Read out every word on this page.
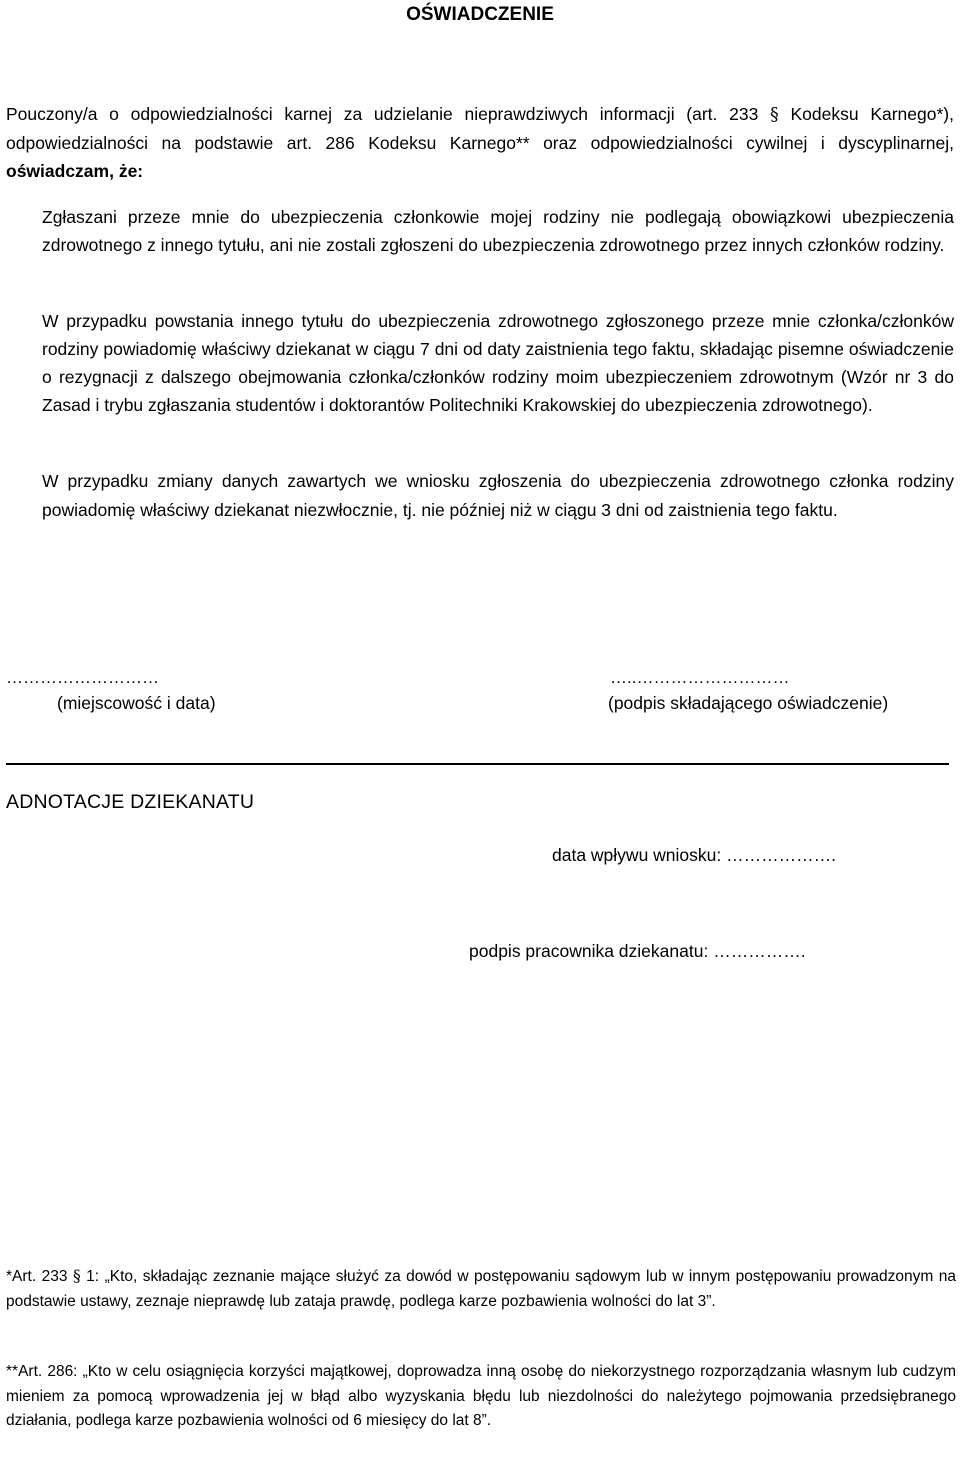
OŚWIADCZENIE
Pouczony/a o odpowiedzialności karnej za udzielanie nieprawdziwych informacji (art. 233 § Kodeksu Karnego*), odpowiedzialności na podstawie art. 286 Kodeksu Karnego** oraz odpowiedzialności cywilnej i dyscyplinarnej, oświadczam, że:
Zgłaszani przeze mnie do ubezpieczenia członkowie mojej rodziny nie podlegają obowiązkowi ubezpieczenia zdrowotnego z innego tytułu, ani nie zostali zgłoszeni do ubezpieczenia zdrowotnego przez innych członków rodziny.
W przypadku powstania innego tytułu do ubezpieczenia zdrowotnego zgłoszonego przeze mnie członka/członków rodziny powiadomię właściwy dziekanat w ciągu 7 dni od daty zaistnienia tego faktu, składając pisemne oświadczenie o rezygnacji z dalszego obejmowania członka/członków rodziny moim ubezpieczeniem zdrowotnym (Wzór nr 3 do Zasad i trybu zgłaszania studentów i doktorantów Politechniki Krakowskiej do ubezpieczenia zdrowotnego).
W przypadku zmiany danych zawartych we wniosku zgłoszenia do ubezpieczenia zdrowotnego członka rodziny powiadomię właściwy dziekanat niezwłocznie, tj. nie później niż w ciągu 3 dni od zaistnienia tego faktu.
………………………
(miejscowość i data)
…..………………………
(podpis składającego oświadczenie)
ADNOTACJE DZIEKANATU
data wpływu wniosku: ……………….
podpis pracownika dziekanatu: …………….
*Art. 233 § 1: „Kto, składając zeznanie mające służyć za dowód w postępowaniu sądowym lub w innym postępowaniu prowadzonym na podstawie ustawy, zeznaje nieprawdę lub zataja prawdę, podlega karze pozbawienia wolności do lat 3”.
**Art. 286: „Kto w celu osiągnięcia korzyści majątkowej, doprowadza inną osobę do niekorzystnego rozporządzania własnym lub cudzym mieniem za pomocą wprowadzenia jej w błąd albo wyzyskania błędu lub niezdolności do należytego pojmowania przedsiębranego działania, podlega karze pozbawienia wolności od 6 miesięcy do lat 8”.
